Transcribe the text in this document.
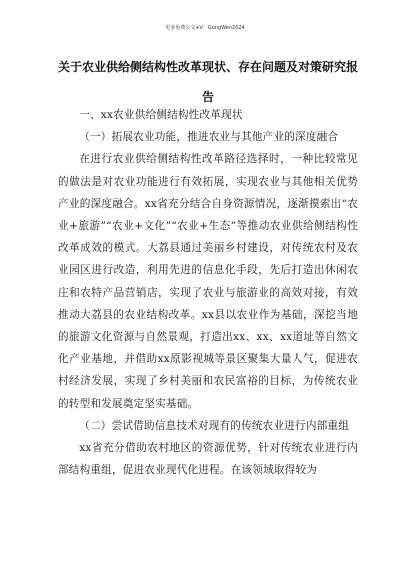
更多免费公文+V：GongWen2024
关于农业供给侧结构性改革现状、存在问题及对策研究报告

一、xx农业供给侧结构性改革现状

（一）拓展农业功能，推进农业与其他产业的深度融合

在进行农业供给侧结构性改革路径选择时，一种比较常见的做法是对农业功能进行有效拓展，实现农业与其他相关优势产业的深度融合。xx省充分结合自身资源情况，逐渐摸索出“农业+旅游”“农业+文化”“农业+生态”等推动农业供给侧结构性改革成效的模式。大荔县通过美丽乡村建设，对传统农村及农业园区进行改造，利用先进的信息化手段，先后打造出休闲农庄和农特产品营销店，实现了农业与旅游业的高效对接，有效推动大荔县的农业结构改革。xx县以农业作为基础，深挖当地的旅游文化资源与自然景观，打造出xx、xx、xx道址等自然文化产业基地，并借助xx原影视城等景区聚集大量人气，促进农村经济发展，实现了乡村美丽和农民富裕的目标，为传统农业的转型和发展奠定坚实基础。

（二）尝试借助信息技术对现有的传统农业进行内部重组

xx省充分借助农村地区的资源优势，针对传统农业进行内部结构重组，促进农业现代化进程。在该领域取得较为
